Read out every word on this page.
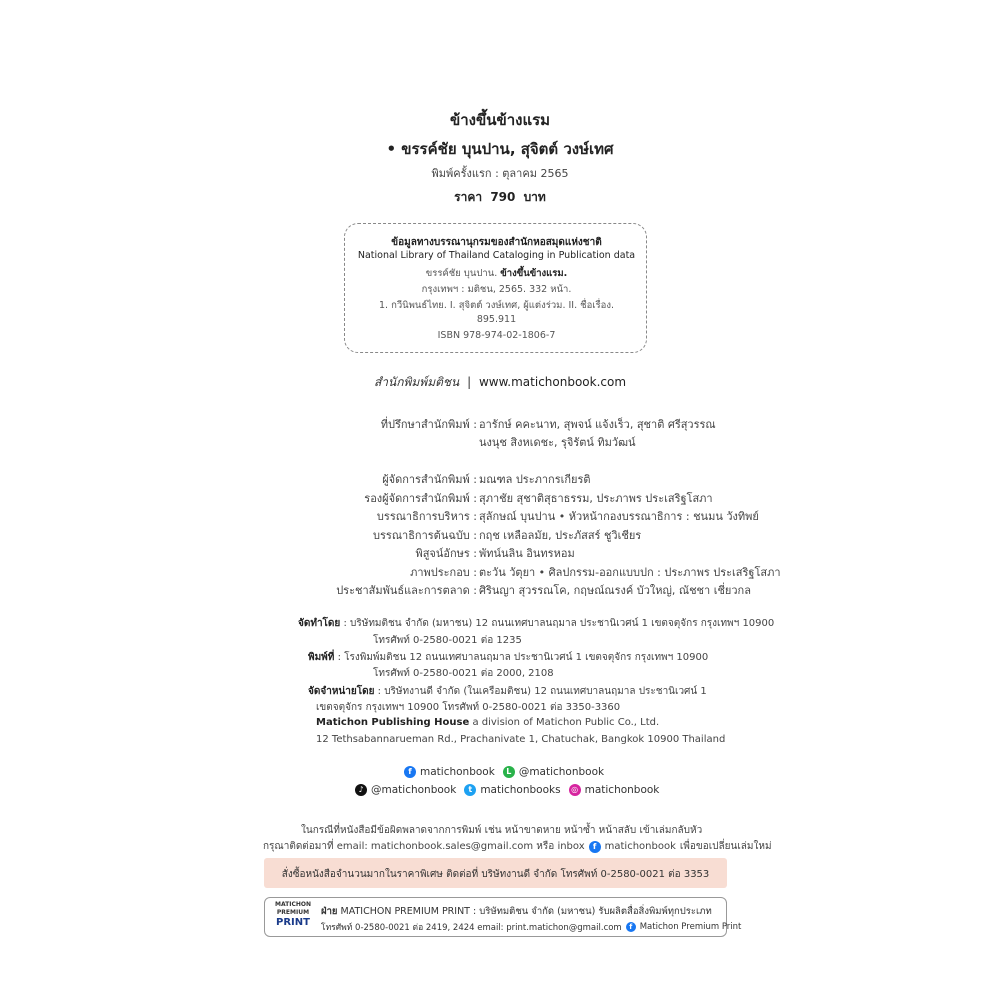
ข้างขึ้นข้างแรม
• ขรรค์ชัย บุนปาน, สุจิตต์ วงษ์เทศ
พิมพ์ครั้งแรก : ตุลาคม 2565
ราคา 790 บาท
ข้อมูลทางบรรณานุกรมของสำนักหอสมุดแห่งชาติ
National Library of Thailand Cataloging in Publication data
ขรรค์ชัย บุนปาน. ข้างขึ้นข้างแรม.
กรุงเทพฯ : มติชน, 2565. 332 หน้า.
1. กวีนิพนธ์ไทย. I. สุจิตต์ วงษ์เทศ, ผู้แต่งร่วม. II. ชื่อเรื่อง.
895.911
ISBN 978-974-02-1806-7
สำนักพิมพ์มติชน | www.matichonbook.com
ที่ปรึกษาสำนักพิมพ์ : อารักษ์ คคะนาท, สุพจน์ แจ้งเร็ว, สุชาติ ศรีสุวรรณ
นงนุช สิงหเดชะ, รุจิรัตน์ ทิมวัฒน์
ผู้จัดการสำนักพิมพ์ : มณฑล ประภากรเกียรติ
รองผู้จัดการสำนักพิมพ์ : สุภาชัย สุชาติสุธาธรรม, ประภาพร ประเสริฐโสภา
บรรณาธิการบริหาร : สุลักษณ์ บุนปาน • หัวหน้ากองบรรณาธิการ : ชนมน วังทิพย์
บรรณาธิการต้นฉบับ : กฤช เหลือลมัย, ประภัสสร์ ชูวิเชียร
พิสูจน์อักษร : พัทน์นลิน อินทรหอม
ภาพประกอบ : ตะวัน วัตุยา • ศิลปกรรม-ออกแบบปก : ประภาพร ประเสริฐโสภา
ประชาสัมพันธ์และการตลาด : ศิรินญา สุวรรณโค, กฤษณ์ณรงค์ บัวใหญ่, ณัชชา เชี่ยวกล
จัดทำโดย : บริษัทมติชน จำกัด (มหาชน) 12 ถนนเทศบาลนฤมาล ประชานิเวศน์ 1 เขตจตุจักร กรุงเทพฯ 10900
โทรศัพท์ 0-2580-0021 ต่อ 1235
พิมพ์ที่ : โรงพิมพ์มติชน 12 ถนนเทศบาลนฤมาล ประชานิเวศน์ 1 เขตจตุจักร กรุงเทพฯ 10900
โทรศัพท์ 0-2580-0021 ต่อ 2000, 2108
จัดจำหน่ายโดย : บริษัทงานดี จำกัด (ในเครือมติชน) 12 ถนนเทศบาลนฤมาล ประชานิเวศน์ 1
เขตจตุจักร กรุงเทพฯ 10900 โทรศัพท์ 0-2580-0021 ต่อ 3350-3360
Matichon Publishing House a division of Matichon Public Co., Ltd.
12 Tethsabannarueman Rd., Prachanivate 1, Chatuchak, Bangkok 10900 Thailand
f matichonbook	L @matichonbook
♪ @matichonbook	t matichonbooks	◎ matichonbook
ในกรณีที่หนังสือมีข้อผิดพลาดจากการพิมพ์ เช่น หน้าขาดหาย หน้าซ้ำ หน้าสลับ เข้าเล่มกลับหัว
กรุณาติดต่อมาที่ email: matichonbook.sales@gmail.com หรือ inbox	f matichonbook เพื่อขอเปลี่ยนเล่มใหม่
สั่งซื้อหนังสือจำนวนมากในราคาพิเศษ ติดต่อที่ บริษัทงานดี จำกัด โทรศัพท์ 0-2580-0021 ต่อ 3353
MATICHON
PREMIUM
PRINT
ฝ่าย MATICHON PREMIUM PRINT : บริษัทมติชน จำกัด (มหาชน) รับผลิตสื่อสิ่งพิมพ์ทุกประเภท
โทรศัพท์ 0-2580-0021 ต่อ 2419, 2424 email: print.matichon@gmail.com	f Matichon Premium Print
